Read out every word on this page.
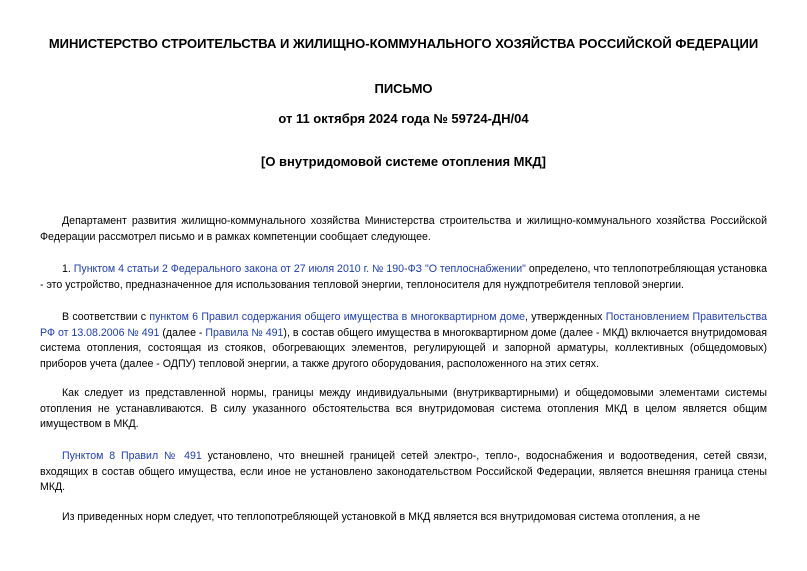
МИНИСТЕРСТВО СТРОИТЕЛЬСТВА И ЖИЛИЩНО-КОММУНАЛЬНОГО ХОЗЯЙСТВА РОССИЙСКОЙ ФЕДЕРАЦИИ
ПИСЬМО
от 11 октября 2024 года № 59724-ДН/04
[О внутридомовой системе отопления МКД]

Департамент развития жилищно-коммунального хозяйства Министерства строительства и жилищно-коммунального хозяйства Российской Федерации рассмотрел письмо и в рамках компетенции сообщает следующее.

1. Пунктом 4 статьи 2 Федерального закона от 27 июля 2010 г. № 190-ФЗ "О теплоснабжении" определено, что теплопотребляющая установка - это устройство, предназначенное для использования тепловой энергии, теплоносителя для нуждпотребителя тепловой энергии.

В соответствии с пунктом 6 Правил содержания общего имущества в многоквартирном доме, утвержденных Постановлением Правительства РФ от 13.08.2006 № 491 (далее - Правила № 491), в состав общего имущества в многоквартирном доме (далее - МКД) включается внутридомовая система отопления, состоящая из стояков, обогревающих элементов, регулирующей и запорной арматуры, коллективных (общедомовых) приборов учета (далее - ОДПУ) тепловой энергии, а также другого оборудования, расположенного на этих сетях.

Как следует из представленной нормы, границы между индивидуальными (внутриквартирными) и общедомовыми элементами системы отопления не устанавливаются. В силу указанного обстоятельства вся внутридомовая система отопления МКД в целом является общим имуществом в МКД.

Пунктом 8 Правил № 491 установлено, что внешней границей сетей электро-, тепло-, водоснабжения и водоотведения, сетей связи, входящих в состав общего имущества, если иное не установлено законодательством Российской Федерации, является внешняя граница стены МКД.

Из приведенных норм следует, что теплопотребляющей установкой в МКД является вся внутридомовая система отопления, а не
